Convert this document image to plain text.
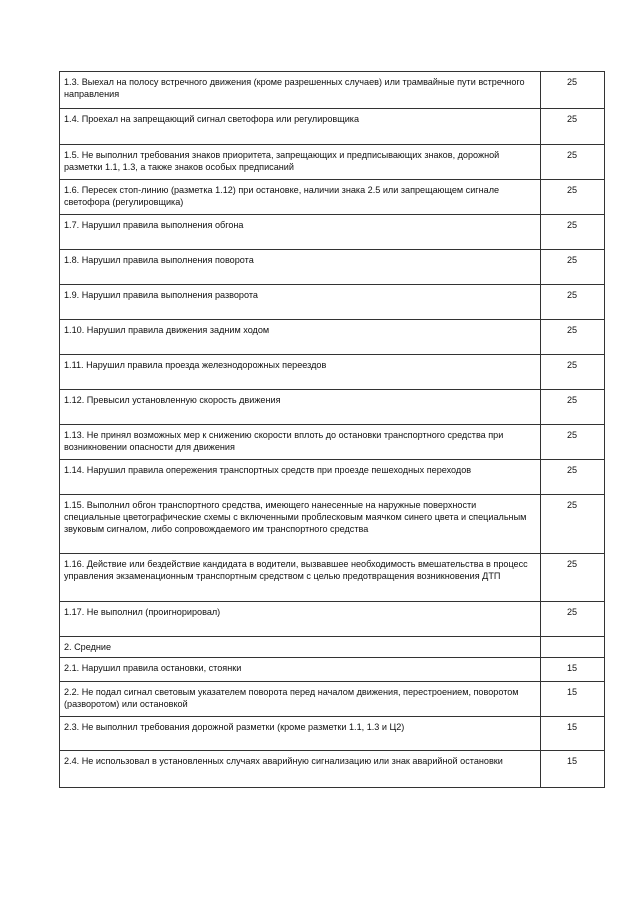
1.3. Выехал на полосу встречного движения (кроме разрешенных случаев) или трамвайные пути встречного направления	25
1.4. Проехал на запрещающий сигнал светофора или регулировщика	25
1.5. Не выполнил требования знаков приоритета, запрещающих и предписывающих знаков, дорожной разметки 1.1, 1.3, а также знаков особых предписаний	25
1.6. Пересек стоп-линию (разметка 1.12) при остановке, наличии знака 2.5 или запрещающем сигнале светофора (регулировщика)	25
1.7. Нарушил правила выполнения обгона	25
1.8. Нарушил правила выполнения поворота	25
1.9. Нарушил правила выполнения разворота	25
1.10. Нарушил правила движения задним ходом	25
1.11. Нарушил правила проезда железнодорожных переездов	25
1.12. Превысил установленную скорость движения	25
1.13. Не принял возможных мер к снижению скорости вплоть до остановки транспортного средства при возникновении опасности для движения	25
1.14. Нарушил правила опережения транспортных средств при проезде пешеходных переходов	25
1.15. Выполнил обгон транспортного средства, имеющего нанесенные на наружные поверхности специальные цветографические схемы с включенными проблесковым маячком синего цвета и специальным звуковым сигналом, либо сопровождаемого им транспортного средства	25
1.16. Действие или бездействие кандидата в водители, вызвавшее необходимость вмешательства в процесс управления экзаменационным транспортным средством с целью предотвращения возникновения ДТП	25
1.17. Не выполнил (проигнорировал)	25
2. Средние	
2.1. Нарушил правила остановки, стоянки	15
2.2. Не подал сигнал световым указателем поворота перед началом движения, перестроением, поворотом (разворотом) или остановкой	15
2.3. Не выполнил требования дорожной разметки (кроме разметки 1.1, 1.3 и Ц2)	15
2.4. Не использовал в установленных случаях аварийную сигнализацию или знак аварийной остановки	15
